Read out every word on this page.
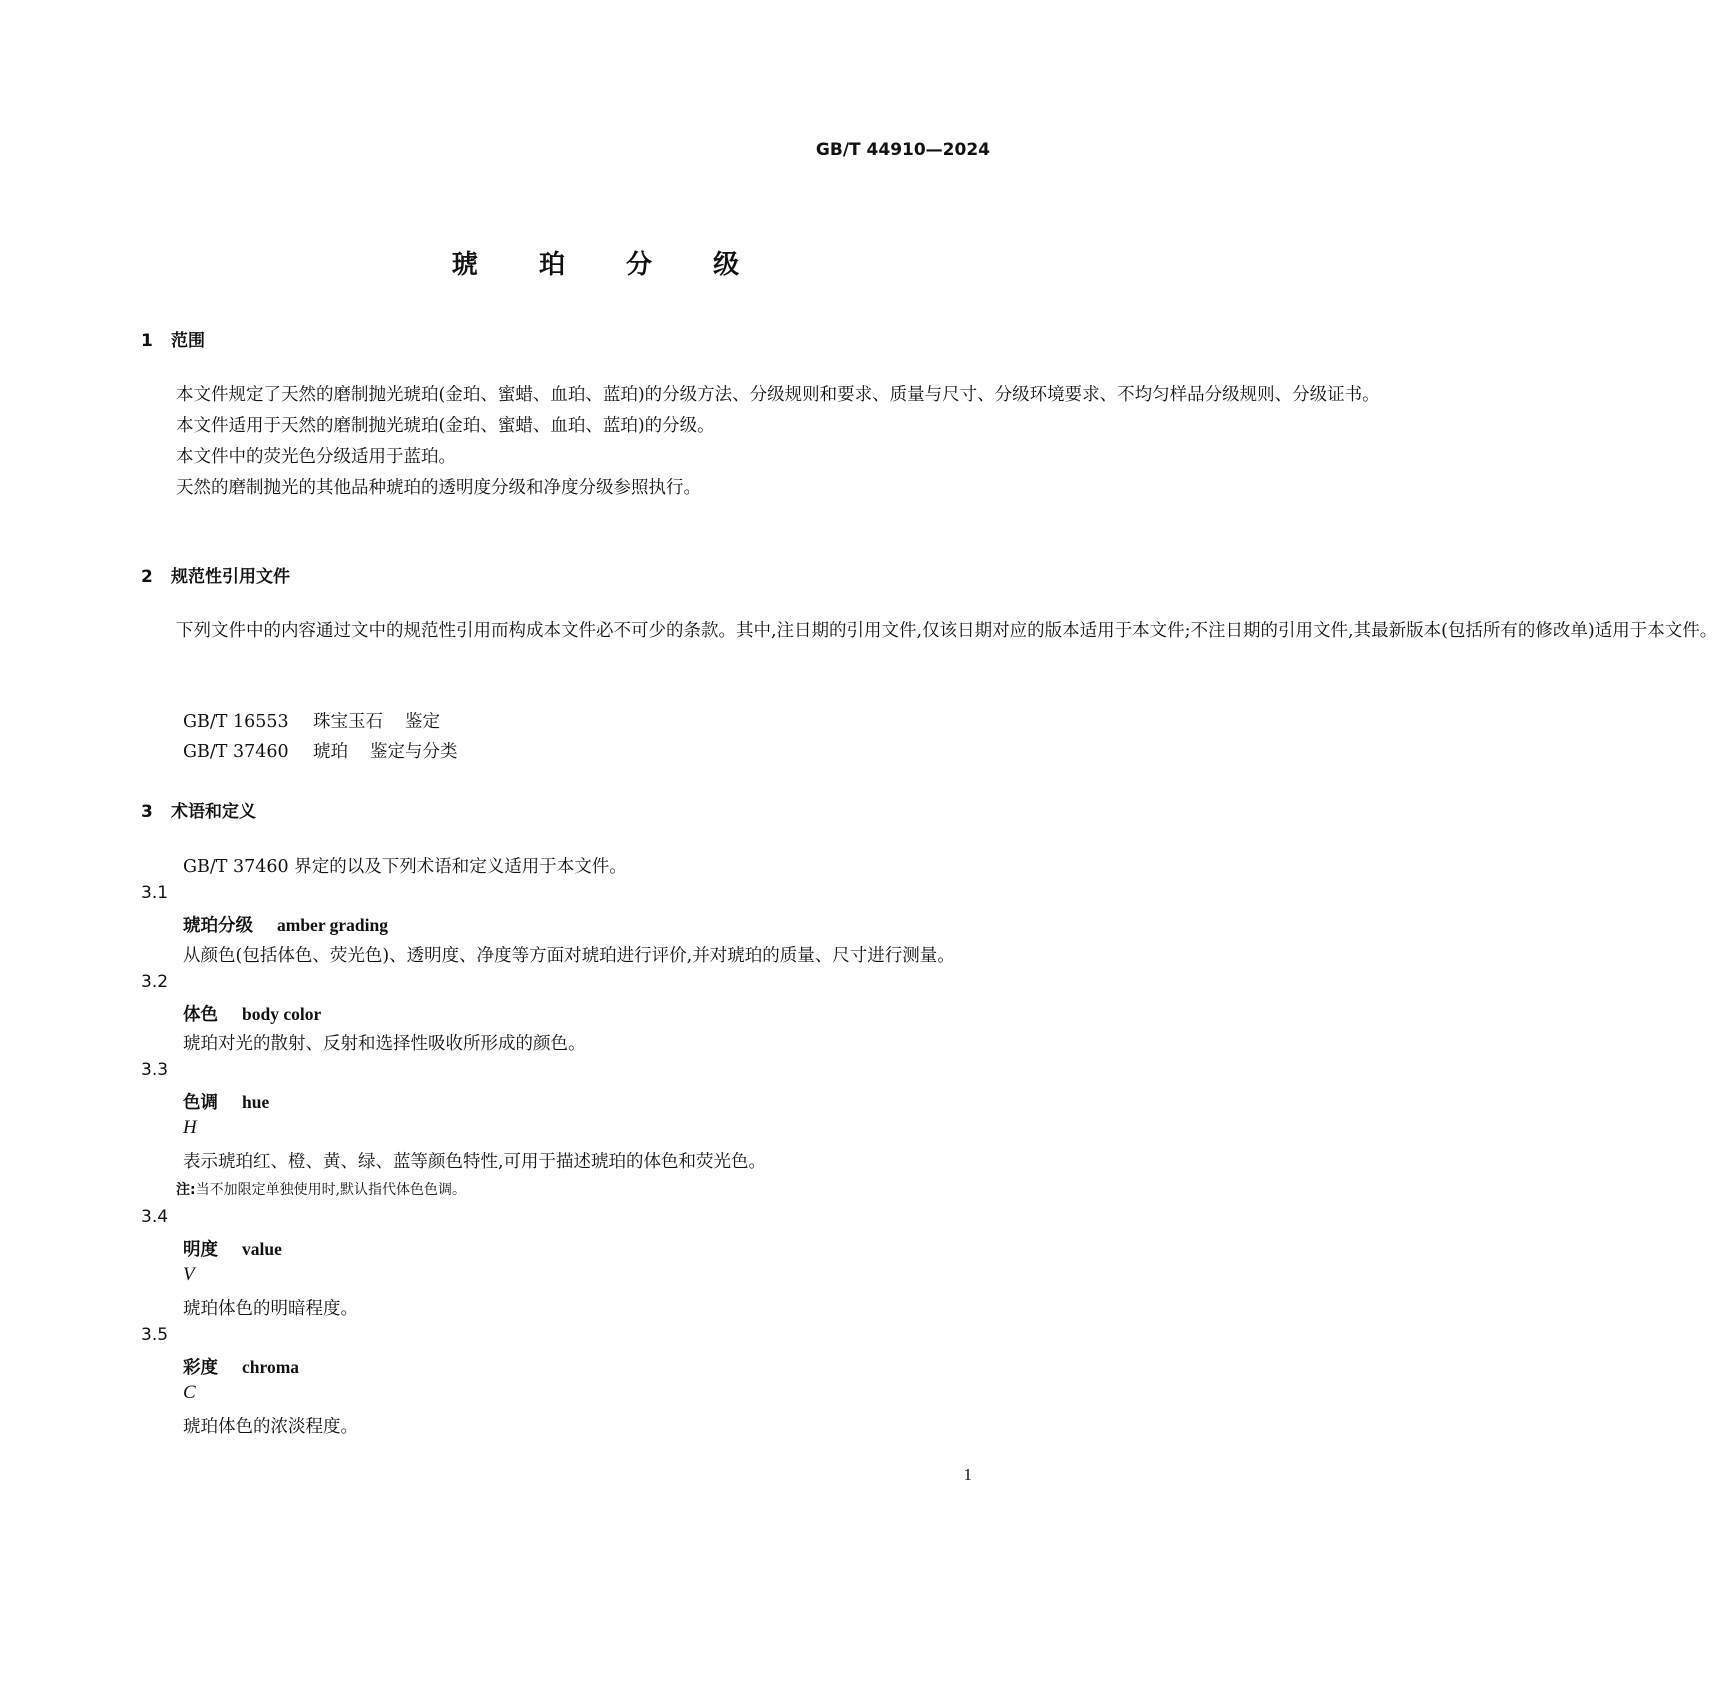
GB/T 44910—2024
琥 珀 分 级
1 范围

本文件规定了天然的磨制抛光琥珀(金珀、蜜蜡、血珀、蓝珀)的分级方法、分级规则和要求、质量与尺寸、分级环境要求、不均匀样品分级规则、分级证书。

本文件适用于天然的磨制抛光琥珀(金珀、蜜蜡、血珀、蓝珀)的分级。

本文件中的荧光色分级适用于蓝珀。

天然的磨制抛光的其他品种琥珀的透明度分级和净度分级参照执行。

2 规范性引用文件

下列文件中的内容通过文中的规范性引用而构成本文件必不可少的条款。其中,注日期的引用文件,仅该日期对应的版本适用于本文件;不注日期的引用文件,其最新版本(包括所有的修改单)适用于本文件。

GB/T 16553 珠宝玉石 鉴定
GB/T 37460 琥珀 鉴定与分类
3 术语和定义
GB/T 37460 界定的以及下列术语和定义适用于本文件。
3.1
琥珀分级 amber grading
从颜色(包括体色、荧光色)、透明度、净度等方面对琥珀进行评价,并对琥珀的质量、尺寸进行测量。
3.2
体色 body color
琥珀对光的散射、反射和选择性吸收所形成的颜色。
3.3
色调 hue
H
表示琥珀红、橙、黄、绿、蓝等颜色特性,可用于描述琥珀的体色和荧光色。
注:当不加限定单独使用时,默认指代体色色调。
3.4
明度 value
V
琥珀体色的明暗程度。
3.5
彩度 chroma
C
琥珀体色的浓淡程度。
1
